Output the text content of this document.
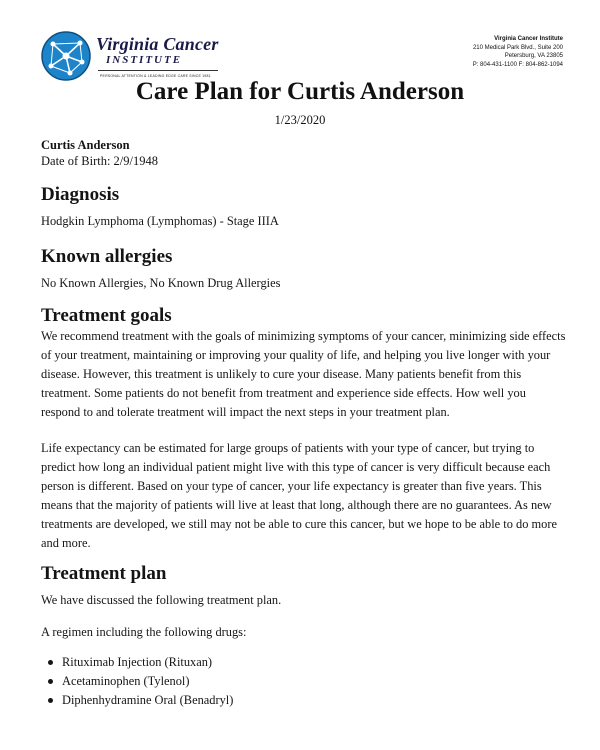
Virginia Cancer
INSTITUTE
PERSONAL ATTENTION & LEADING EDGE CARE SINCE 1981
Virginia Cancer Institute
210 Medical Park Blvd., Suite 200
Petersburg, VA 23805
P: 804-431-1100 F: 804-862-1094
Care Plan for Curtis Anderson
1/23/2020

Curtis Anderson

Date of Birth: 2/9/1948

Diagnosis

Hodgkin Lymphoma (Lymphomas) - Stage IIIA

Known allergies

No Known Allergies, No Known Drug Allergies

Treatment goals

We recommend treatment with the goals of minimizing symptoms of your cancer, minimizing side effects of your treatment, maintaining or improving your quality of life, and helping you live longer with your disease. However, this treatment is unlikely to cure your disease. Many patients benefit from this treatment. Some patients do not benefit from treatment and experience side effects. How well you respond to and tolerate treatment will impact the next steps in your treatment plan.

Life expectancy can be estimated for large groups of patients with your type of cancer, but trying to predict how long an individual patient might live with this type of cancer is very difficult because each person is different. Based on your type of cancer, your life expectancy is greater than five years. This means that the majority of patients will live at least that long, although there are no guarantees. As new treatments are developed, we still may not be able to cure this cancer, but we hope to be able to do more and more.

Treatment plan

We have discussed the following treatment plan.

A regimen including the following drugs:

Rituximab Injection (Rituxan)
Acetaminophen (Tylenol)
Diphenhydramine Oral (Benadryl)
